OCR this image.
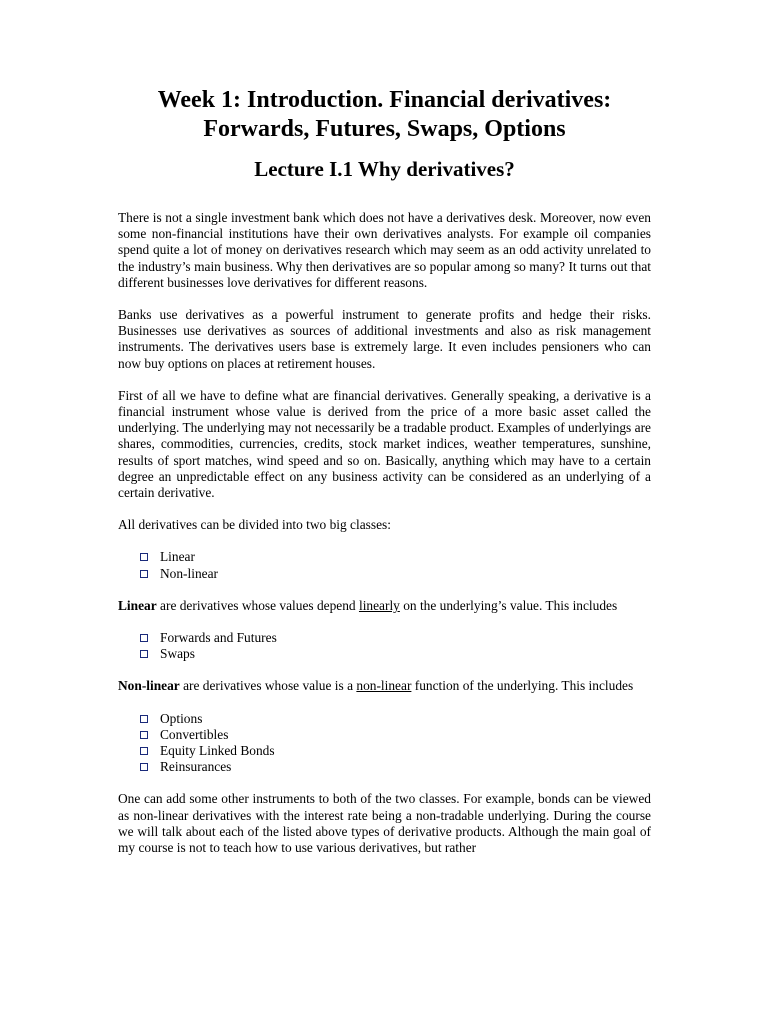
Week 1: Introduction. Financial derivatives:
Forwards, Futures, Swaps, Options
Lecture I.1 Why derivatives?

There is not a single investment bank which does not have a derivatives desk. Moreover, now even some non-financial institutions have their own derivatives analysts. For example oil companies spend quite a lot of money on derivatives research which may seem as an odd activity unrelated to the industry’s main business. Why then derivatives are so popular among so many? It turns out that different businesses love derivatives for different reasons.

Banks use derivatives as a powerful instrument to generate profits and hedge their risks. Businesses use derivatives as sources of additional investments and also as risk management instruments. The derivatives users base is extremely large. It even includes pensioners who can now buy options on places at retirement houses.

First of all we have to define what are financial derivatives. Generally speaking, a derivative is a financial instrument whose value is derived from the price of a more basic asset called the underlying. The underlying may not necessarily be a tradable product. Examples of underlyings are shares, commodities, currencies, credits, stock market indices, weather temperatures, sunshine, results of sport matches, wind speed and so on. Basically, anything which may have to a certain degree an unpredictable effect on any business activity can be considered as an underlying of a certain derivative.

All derivatives can be divided into two big classes:

Linear
Non-linear

Linear are derivatives whose values depend linearly on the underlying’s value. This includes

Forwards and Futures
Swaps

Non-linear are derivatives whose value is a non-linear function of the underlying. This includes

Options
Convertibles
Equity Linked Bonds
Reinsurances

One can add some other instruments to both of the two classes. For example, bonds can be viewed as non-linear derivatives with the interest rate being a non-tradable underlying. During the course we will talk about each of the listed above types of derivative products. Although the main goal of my course is not to teach how to use various derivatives, but rather
